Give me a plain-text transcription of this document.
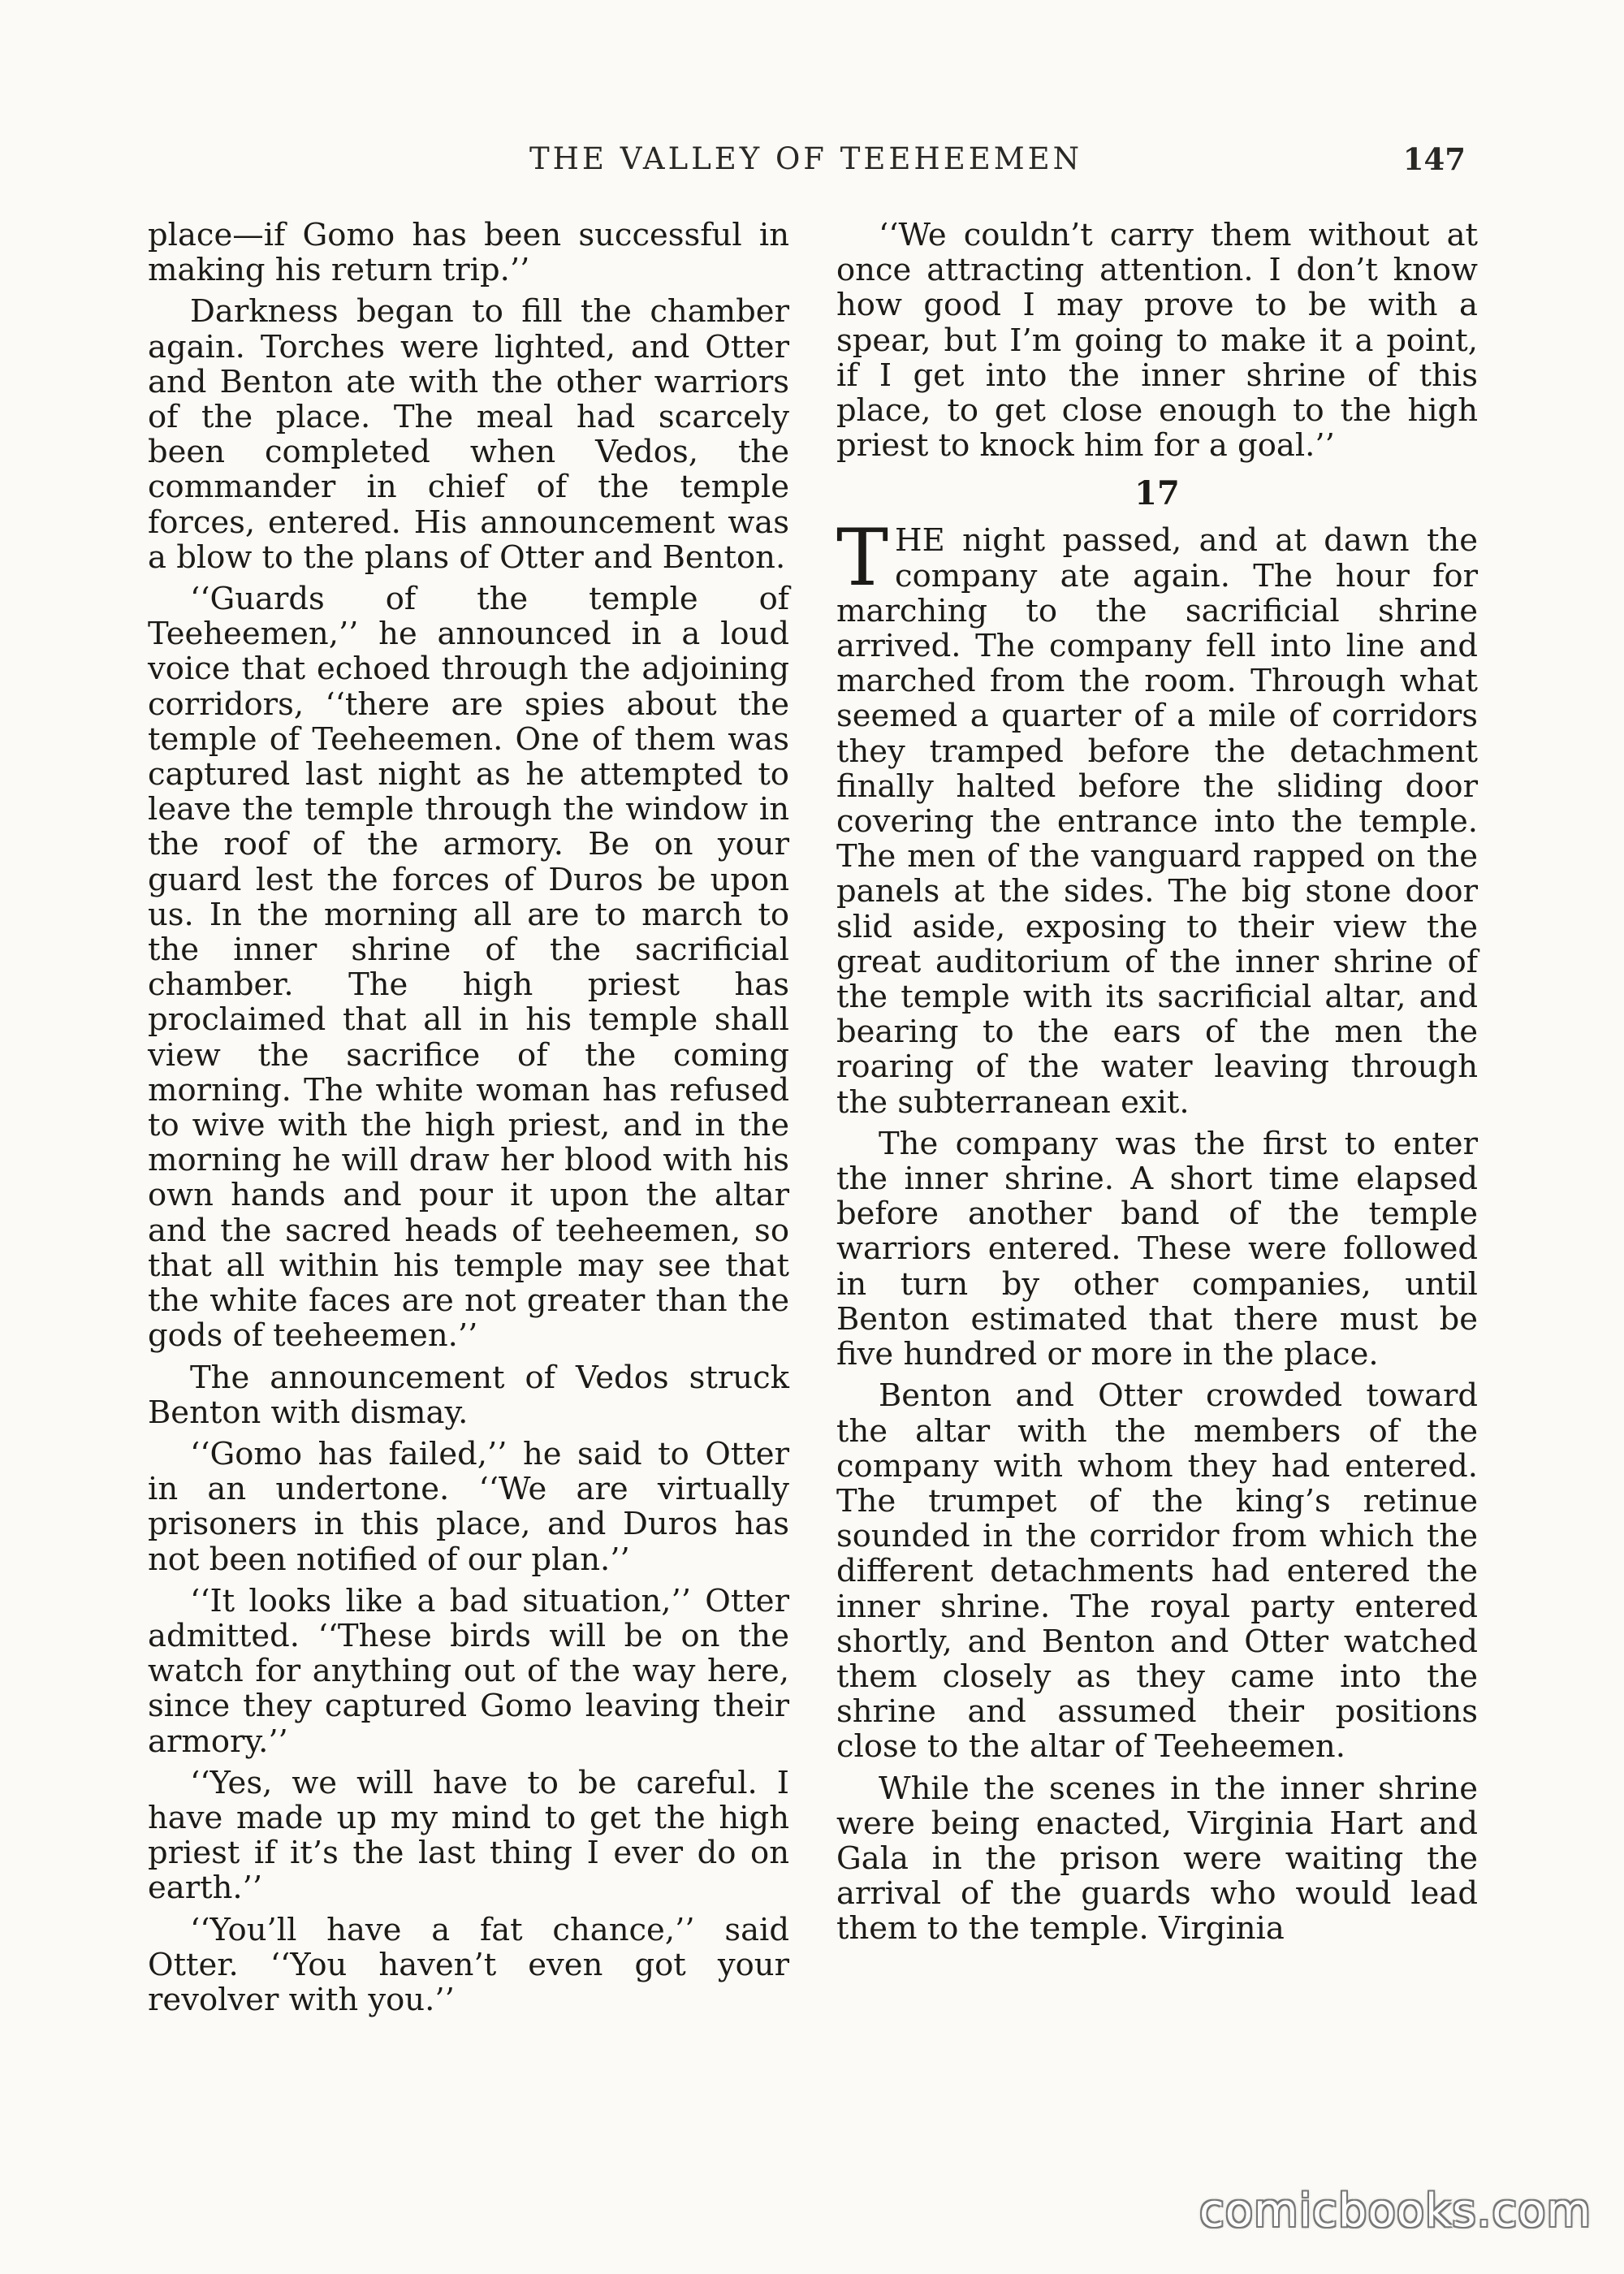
THE VALLEY OF TEEHEEMEN	147

place—if Gomo has been successful in making his return trip.’’

Darkness began to fill the chamber again. Torches were lighted, and Otter and Benton ate with the other warriors of the place. The meal had scarcely been completed when Vedos, the commander in chief of the temple forces, entered. His announcement was a blow to the plans of Otter and Benton.

‘‘Guards of the temple of Teeheemen,’’ he announced in a loud voice that echoed through the adjoining corridors, ‘‘there are spies about the temple of Teeheemen. One of them was captured last night as he attempted to leave the temple through the window in the roof of the armory. Be on your guard lest the forces of Duros be upon us. In the morning all are to march to the inner shrine of the sacrificial chamber. The high priest has proclaimed that all in his temple shall view the sacrifice of the coming morning. The white woman has refused to wive with the high priest, and in the morning he will draw her blood with his own hands and pour it upon the altar and the sacred heads of teeheemen, so that all within his temple may see that the white faces are not greater than the gods of teeheemen.’’

The announcement of Vedos struck Benton with dismay.

‘‘Gomo has failed,’’ he said to Otter in an undertone. ‘‘We are virtually prisoners in this place, and Duros has not been notified of our plan.’’

‘‘It looks like a bad situation,’’ Otter admitted. ‘‘These birds will be on the watch for anything out of the way here, since they captured Gomo leaving their armory.’’

‘‘Yes, we will have to be careful. I have made up my mind to get the high priest if it’s the last thing I ever do on earth.’’

‘‘You’ll have a fat chance,’’ said Otter. ‘‘You haven’t even got your revolver with you.’’

‘‘We couldn’t carry them without at once attracting attention. I don’t know how good I may prove to be with a spear, but I’m going to make it a point, if I get into the inner shrine of this place, to get close enough to the high priest to knock him for a goal.’’

17

THE night passed, and at dawn the company ate again. The hour for marching to the sacrificial shrine arrived. The company fell into line and marched from the room. Through what seemed a quarter of a mile of corridors they tramped before the detachment finally halted before the sliding door covering the entrance into the temple. The men of the vanguard rapped on the panels at the sides. The big stone door slid aside, exposing to their view the great auditorium of the inner shrine of the temple with its sacrificial altar, and bearing to the ears of the men the roaring of the water leaving through the subterranean exit.

The company was the first to enter the inner shrine. A short time elapsed before another band of the temple warriors entered. These were followed in turn by other companies, until Benton estimated that there must be five hundred or more in the place.

Benton and Otter crowded toward the altar with the members of the company with whom they had entered. The trumpet of the king’s retinue sounded in the corridor from which the different detachments had entered the inner shrine. The royal party entered shortly, and Benton and Otter watched them closely as they came into the shrine and assumed their positions close to the altar of Teeheemen.

While the scenes in the inner shrine were being enacted, Virginia Hart and Gala in the prison were waiting the arrival of the guards who would lead them to the temple. Virginia

comicbooks.com
